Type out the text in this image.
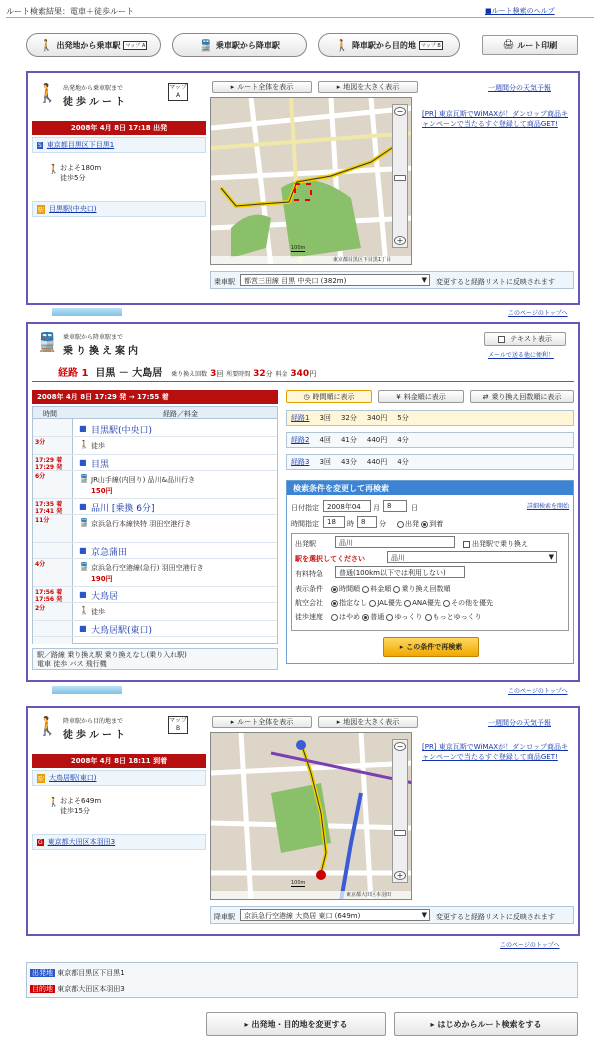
ルート検索結果：電車＋徒歩ルート	■ルート検索のヘルプ
🚶 出発地から乗車駅	マップ A	🚆 乗車駅から降車駅	🚶 降車駅から目的地	マップ B	🖨 ルート印刷
🚶 出発地から乗車駅まで
徒歩ルート
マップ A
2008年 4月 8日 17:18 出発
S 東京都目黒区下目黒1
🚶 およそ180m
徒歩5分
駅 目黒駅(中央口)
▸ ルート全体を表示	▸ 地図を大きく表示	一週間分の天気予報
東京都目黒区下目黒1丁目
100m
−
+
乗車駅	都営三田線 目黒 中央口 (382m)	▼ 変更すると経路リストに反映されます
[PR] 東京瓦斯でWiMAXが！ダンロップ商品キャンペーンで当たるすぐ登録して商品GET!
このページのトップへ
🚆 乗車駅から降車駅まで
乗り換え案内
テキスト表示
メールで送る他に便利！
経路 1 目黒 － 大島居 乗り換え回数 3回 所要時間 32分 料金 340円
2008年 4月 8日 17:29 発 → 17:55 着
時間	経路／料金
■ 目黒駅(中央口)
3分	🚶 徒歩
17:29 着
17:29 発
■ 目黒
6分	🚆 JR山手線(内回り) 品川&品川行き
150円
17:35 着
17:41 発
■ 品川 [乗換 6分]
11分	🚆 京浜急行本線快特 羽田空港行き
■ 京急蒲田
4分	🚆 京浜急行空港線(急行) 羽田空港行き
190円
17:56 着
17:56 発
■ 大鳥居
2分	🚶 徒歩
■ 大鳥居駅(東口)
駅／路線 乗り換え駅 乗り換えなし(乗り入れ駅)
電車 徒歩 バス 飛行機
◷ 時間順に表示	¥ 料金順に表示	⇄ 乗り換え回数順に表示
経路1 3回 32分 340円 5分
経路2 4回 41分 440円 4分
経路3 3回 43分 440円 4分
検索条件を変更して再検索
詳細検索を開始
日付指定	2008年04	月	8	日
時間指定	18	時	8	分	出発 到着
出発駅	品川	出発駅で乗り換え
駅を選択してください	品川	▼
有料特急	普通(100km以下では利用しない)
表示条件	時間順 料金順 乗り換え回数順
航空会社	指定なし JAL優先 ANA優先 その他を優先
徒歩速度	はやめ 普通 ゆっくり もっとゆっくり
▸ この条件で再検索
このページのトップへ
🚶 降車駅から目的地まで
徒歩ルート
マップ B
2008年 4月 8日 18:11 到着
駅 大鳥居駅(東口)
🚶 およそ649m
徒歩15分
G 東京都大田区本羽田3
▸ ルート全体を表示	▸ 地図を大きく表示	一週間分の天気予報
東京都大田区本羽田
100m
−
+
降車駅	京浜急行空港線 大鳥居 東口 (649m)	▼ 変更すると経路リストに反映されます
[PR] 東京瓦斯でWiMAXが！ダンロップ商品キャンペーンで当たるすぐ登録して商品GET!
このページのトップへ
出発地 東京都目黒区下目黒1
目的地 東京都大田区本羽田3
▸ 出発地・目的地を変更する	▸ はじめからルート検索をする
